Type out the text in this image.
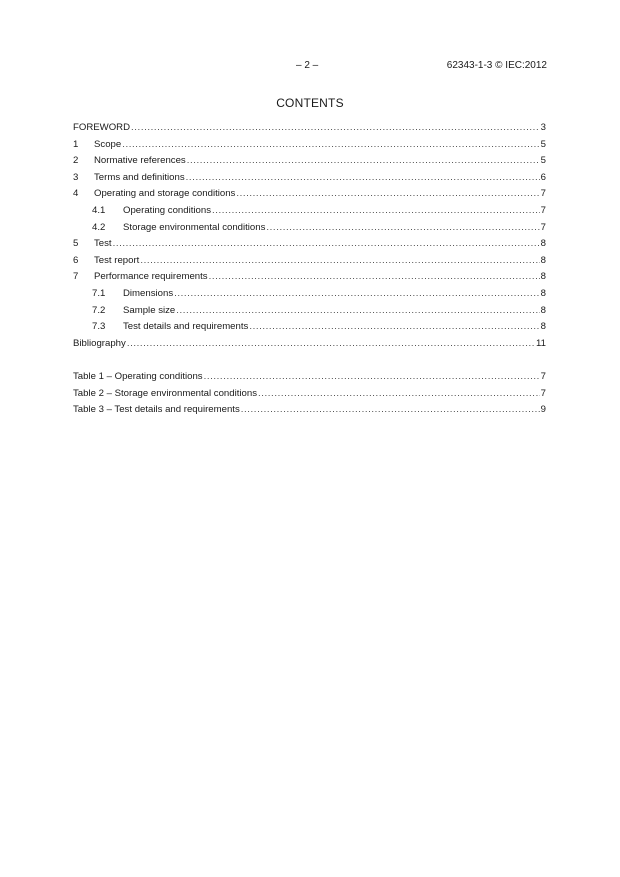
– 2 –	62343-1-3 © IEC:2012
CONTENTS
FOREWORD .....	3
1	Scope .....	5
2	Normative references .....	5
3	Terms and definitions .....	6
4	Operating and storage conditions .....	7
4.1	Operating conditions .....	7
4.2	Storage environmental conditions .....	7
5	Test .....	8
6	Test report .....	8
7	Performance requirements .....	8
7.1	Dimensions .....	8
7.2	Sample size .....	8
7.3	Test details and requirements .....	8
Bibliography .....	11
Table 1 – Operating conditions .....	7
Table 2 – Storage environmental conditions .....	7
Table 3 – Test details and requirements .....	9
